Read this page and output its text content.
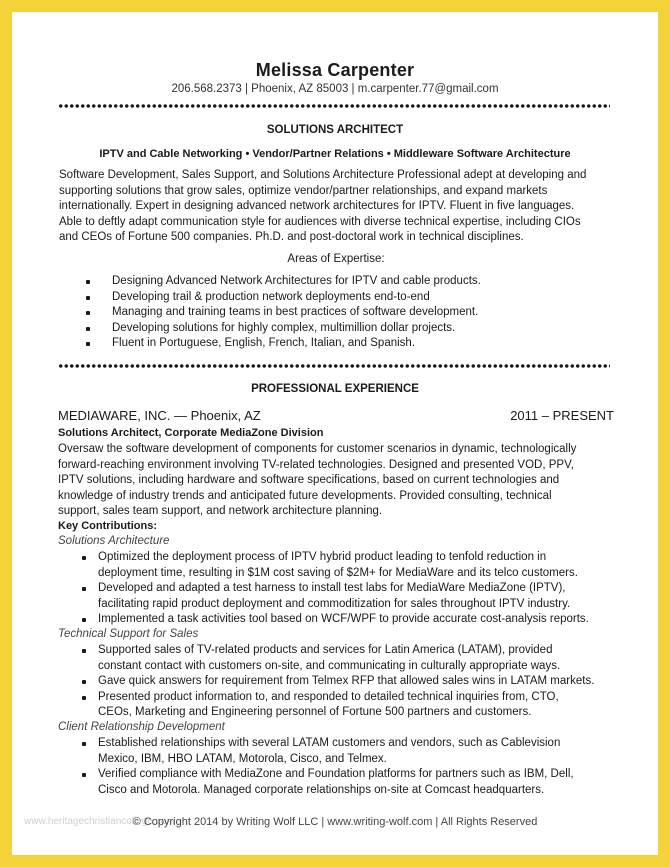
Melissa Carpenter
206.568.2373 | Phoenix, AZ 85003 | m.carpenter.77@gmail.com
SOLUTIONS ARCHITECT
IPTV and Cable Networking • Vendor/Partner Relations • Middleware Software Architecture
Software Development, Sales Support, and Solutions Architecture Professional adept at developing and
supporting solutions that grow sales, optimize vendor/partner relationships, and expand markets
internationally. Expert in designing advanced network architectures for IPTV. Fluent in five languages.
Able to deftly adapt communication style for audiences with diverse technical expertise, including CIOs
and CEOs of Fortune 500 companies. Ph.D. and post-doctoral work in technical disciplines.
Areas of Expertise:
Designing Advanced Network Architectures for IPTV and cable products.
Developing trail & production network deployments end-to-end
Managing and training teams in best practices of software development.
Developing solutions for highly complex, multimillion dollar projects.
Fluent in Portuguese, English, French, Italian, and Spanish.
PROFESSIONAL EXPERIENCE
MEDIAWARE, INC. — Phoenix, AZ	2011 – PRESENT
Solutions Architect, Corporate MediaZone Division
Oversaw the software development of components for customer scenarios in dynamic, technologically
forward-reaching environment involving TV-related technologies. Designed and presented VOD, PPV,
IPTV solutions, including hardware and software specifications, based on current technologies and
knowledge of industry trends and anticipated future developments. Provided consulting, technical
support, sales team support, and network architecture planning.
Key Contributions:
Solutions Architecture
Optimized the deployment process of IPTV hybrid product leading to tenfold reduction in
deployment time, resulting in $1M cost saving of $2M+ for MediaWare and its telco customers.
Developed and adapted a test harness to install test labs for MediaWare MediaZone (IPTV),
facilitating rapid product deployment and commoditization for sales throughout IPTV industry.
Implemented a task activities tool based on WCF/WPF to provide accurate cost-analysis reports.
Technical Support for Sales
Supported sales of TV-related products and services for Latin America (LATAM), provided
constant contact with customers on-site, and communicating in culturally appropriate ways.
Gave quick answers for requirement from Telmex RFP that allowed sales wins in LATAM markets.
Presented product information to, and responded to detailed technical inquiries from, CTO,
CEOs, Marketing and Engineering personnel of Fortune 500 partners and customers.
Client Relationship Development
Established relationships with several LATAM customers and vendors, such as Cablevision
Mexico, IBM, HBO LATAM, Motorola, Cisco, and Telmex.
Verified compliance with MediaZone and Foundation platforms for partners such as IBM, Dell,
Cisco and Motorola. Managed corporate relationships on-site at Comcast headquarters.
www.heritagechristiancollege.com
© Copyright 2014 by Writing Wolf LLC | www.writing-wolf.com | All Rights Reserved
